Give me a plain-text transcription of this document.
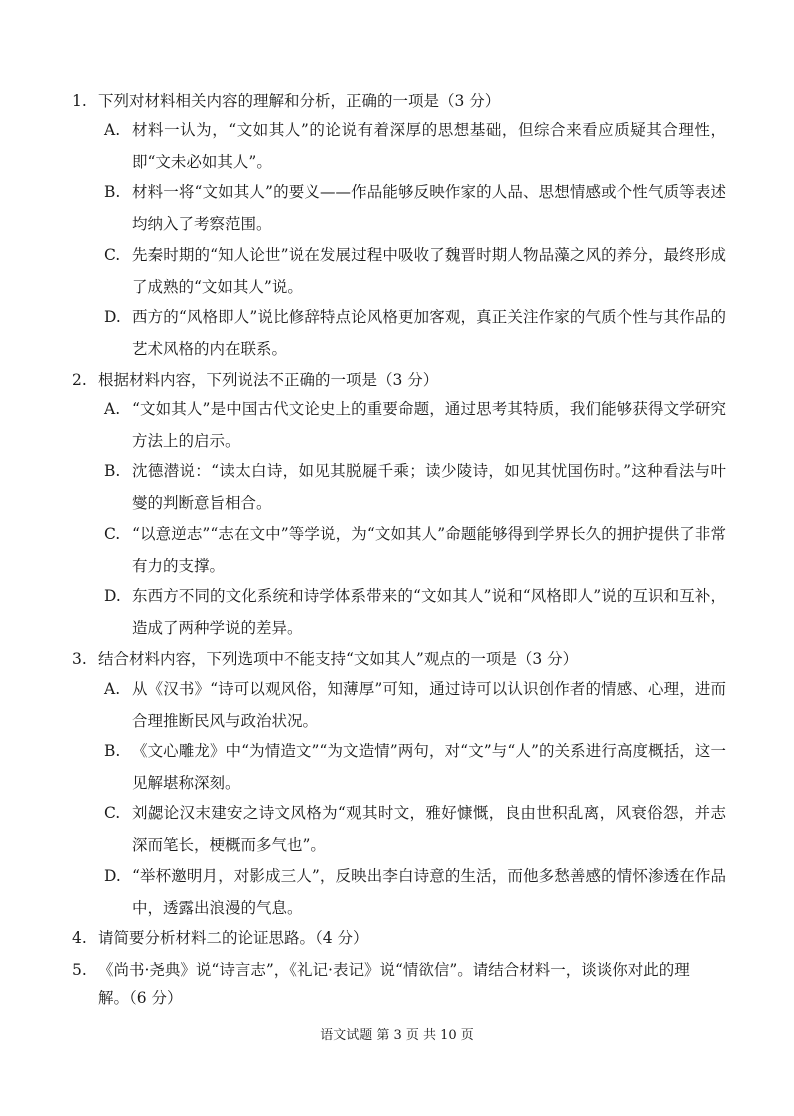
1. 下列对材料相关内容的理解和分析，正确的一项是（3 分）
A. 材料一认为，“文如其人”的论说有着深厚的思想基础，但综合来看应质疑其合理性，即“文未必如其人”。
B. 材料一将“文如其人”的要义——作品能够反映作家的人品、思想情感或个性气质等表述均纳入了考察范围。
C. 先秦时期的“知人论世”说在发展过程中吸收了魏晋时期人物品藻之风的养分，最终形成了成熟的“文如其人”说。
D. 西方的“风格即人”说比修辞特点论风格更加客观，真正关注作家的气质个性与其作品的艺术风格的内在联系。
2. 根据材料内容，下列说法不正确的一项是（3 分）
A. “文如其人”是中国古代文论史上的重要命题，通过思考其特质，我们能够获得文学研究方法上的启示。
B. 沈德潜说：“读太白诗，如见其脱屣千乘；读少陵诗，如见其忧国伤时。”这种看法与叶燮的判断意旨相合。
C. “以意逆志”“志在文中”等学说，为“文如其人”命题能够得到学界长久的拥护提供了非常有力的支撑。
D. 东西方不同的文化系统和诗学体系带来的“文如其人”说和“风格即人”说的互识和互补，造成了两种学说的差异。
3. 结合材料内容，下列选项中不能支持“文如其人”观点的一项是（3 分）
A. 从《汉书》“诗可以观风俗，知薄厚”可知，通过诗可以认识创作者的情感、心理，进而合理推断民风与政治状况。
B. 《文心雕龙》中“为情造文”“为文造情”两句，对“文”与“人”的关系进行高度概括，这一见解堪称深刻。
C. 刘勰论汉末建安之诗文风格为“观其时文，雅好慷慨，良由世积乱离，风衰俗怨，并志深而笔长，梗概而多气也”。
D. “举杯邀明月，对影成三人”，反映出李白诗意的生活，而他多愁善感的情怀渗透在作品中，透露出浪漫的气息。
4. 请简要分析材料二的论证思路。（4 分）
5. 《尚书·尧典》说“诗言志”，《礼记·表记》说“情欲信”。请结合材料一，谈谈你对此的理
解。（6 分）
语文试题 第 3 页 共 10 页
